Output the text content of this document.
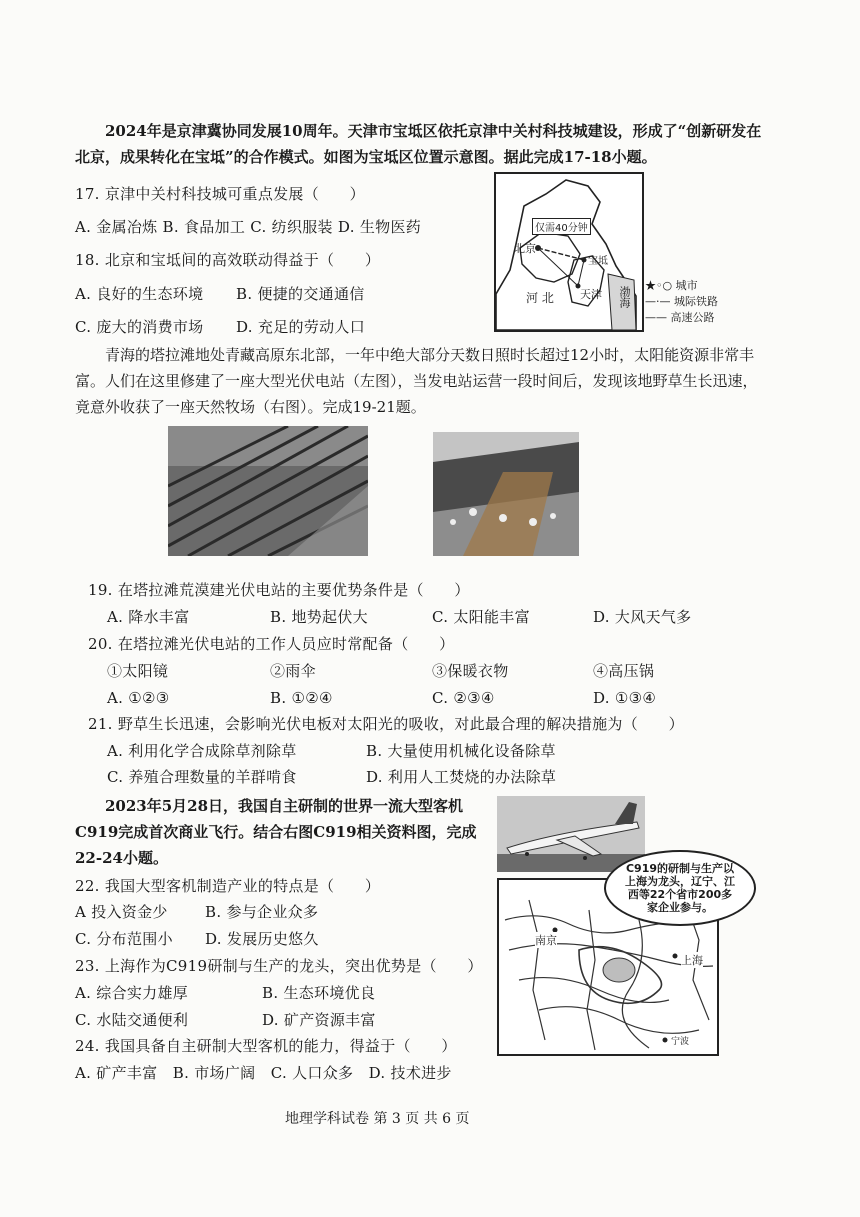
2024年是京津冀协同发展10周年。天津市宝坻区依托京津中关村科技城建设，形成了“创新研发在北京，成果转化在宝坻”的合作模式。如图为宝坻区位置示意图。据此完成17-18小题。
17. 京津中关村科技城可重点发展（　　）
A. 金属冶炼 B. 食品加工 C. 纺织服装 D. 生物医药
18. 北京和宝坻间的高效联动得益于（　　）
A. 良好的生态环境 B. 便捷的交通通信
C. 庞大的消费市场 D. 充足的劳动人口
仅需40分钟
北京
宝坻
天津
河 北	渤海
★◦○ 城市
—·— 城际铁路
—— 高速公路
青海的塔拉滩地处青藏高原东北部，一年中绝大部分天数日照时长超过12小时，太阳能资源非常丰富。人们在这里修建了一座大型光伏电站（左图），当发电站运营一段时间后，发现该地野草生长迅速，竟意外收获了一座天然牧场（右图）。完成19-21题。
19. 在塔拉滩荒漠建光伏电站的主要优势条件是（　　）
A. 降水丰富	B. 地势起伏大	C. 太阳能丰富	D. 大风天气多
20. 在塔拉滩光伏电站的工作人员应时常配备（　　）
①太阳镜	②雨伞	③保暖衣物	④高压锅
A. ①②③	B. ①②④	C. ②③④	D. ①③④
21. 野草生长迅速，会影响光伏电板对太阳光的吸收，对此最合理的解决措施为（　　）
A. 利用化学合成除草剂除草	B. 大量使用机械化设备除草
C. 养殖合理数量的羊群啃食	D. 利用人工焚烧的办法除草
2023年5月28日，我国自主研制的世界一流大型客机C919完成首次商业飞行。结合右图C919相关资料图，完成22-24小题。
22. 我国大型客机制造产业的特点是（　　）
A 投入资金少 B. 参与企业众多
C. 分布范围小 D. 发展历史悠久
23. 上海作为C919研制与生产的龙头，突出优势是（　　）
A. 综合实力雄厚	B. 生态环境优良
C. 水陆交通便利	D. 矿产资源丰富
24. 我国具备自主研制大型客机的能力，得益于（　　）
A. 矿产丰富　B. 市场广阔　C. 人口众多　D. 技术进步
南京
上海
宁波
C919的研制与生产以上海为龙头，辽宁、江西等22个省市200多家企业参与。
地理学科试卷 第 3 页 共 6 页
